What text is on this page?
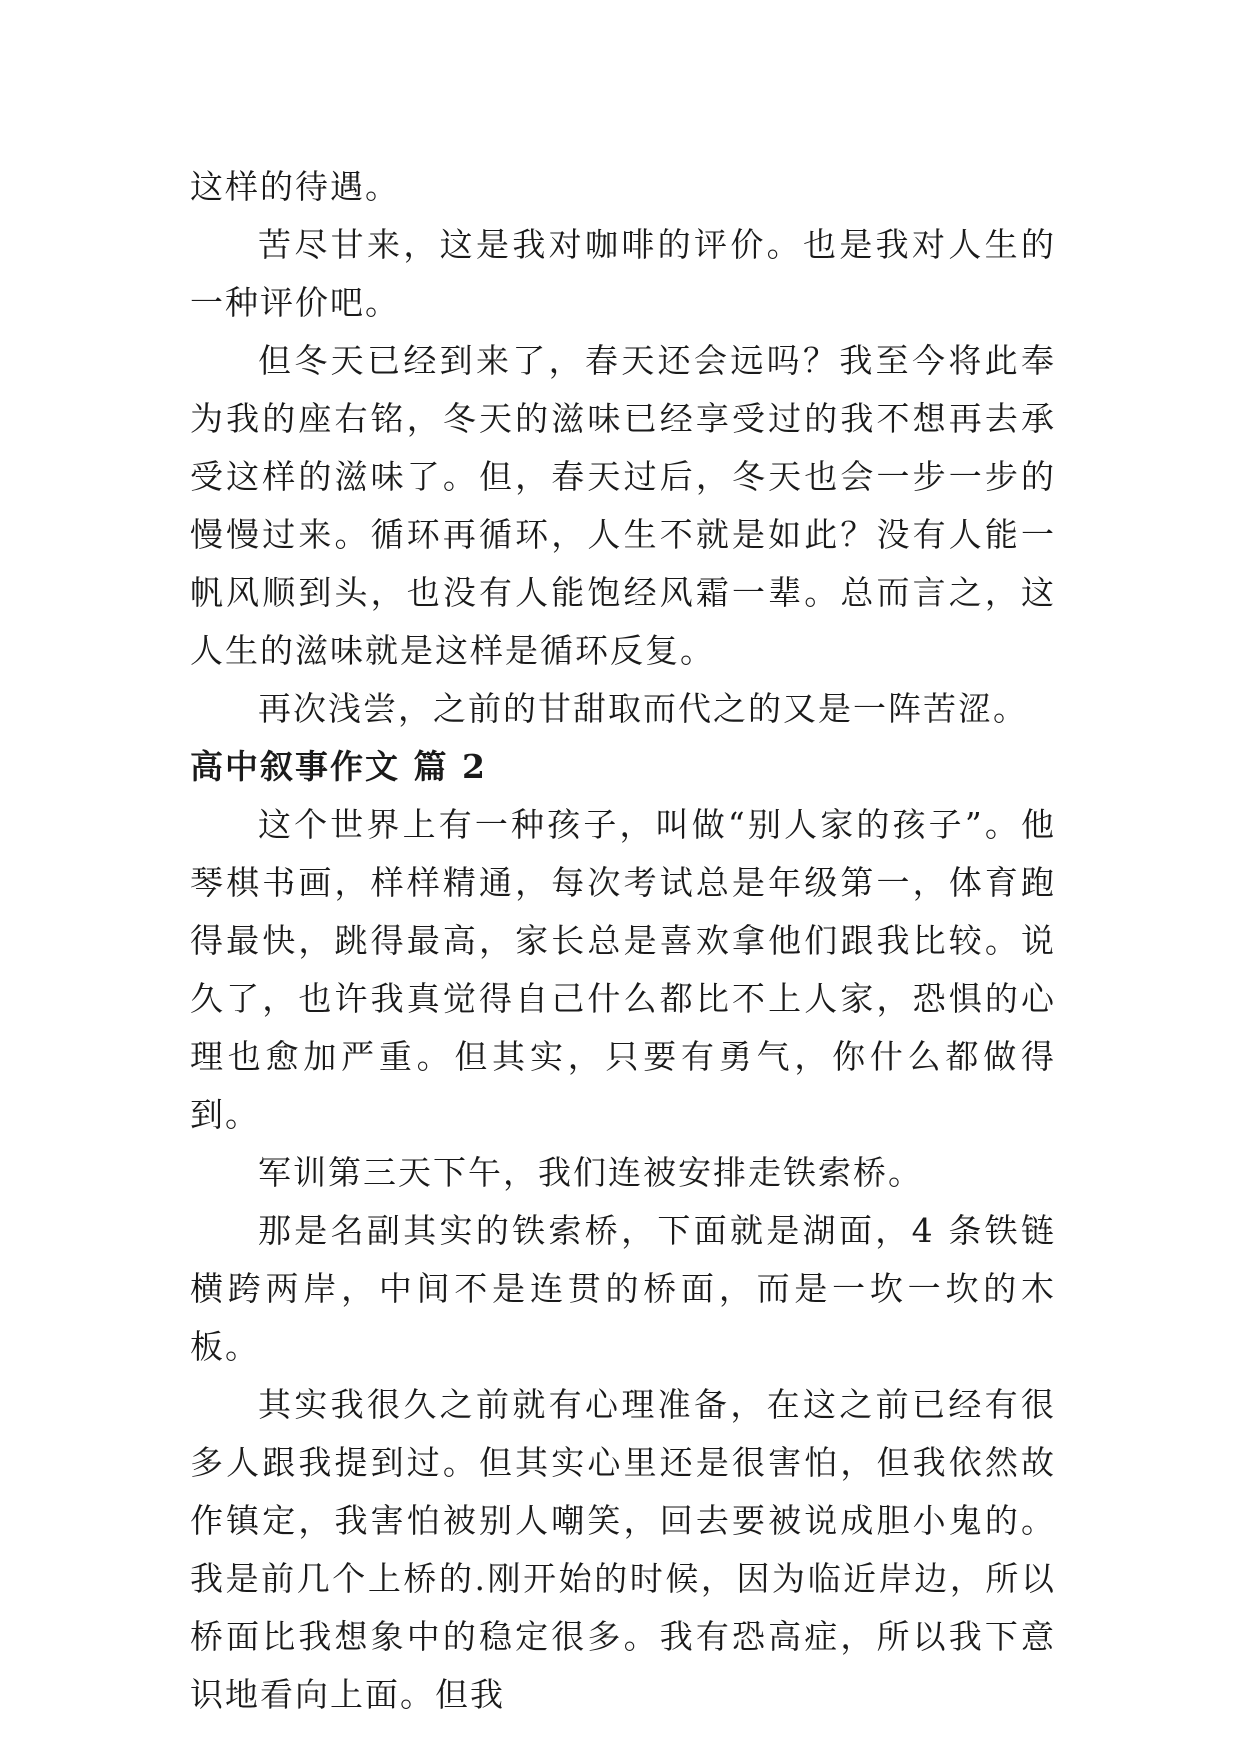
这样的待遇。

苦尽甘来，这是我对咖啡的评价。也是我对人生的一种评价吧。

但冬天已经到来了，春天还会远吗？我至今将此奉为我的座右铭，冬天的滋味已经享受过的我不想再去承受这样的滋味了。但，春天过后，冬天也会一步一步的慢慢过来。循环再循环，人生不就是如此？没有人能一帆风顺到头，也没有人能饱经风霜一辈。总而言之，这人生的滋味就是这样是循环反复。

再次浅尝，之前的甘甜取而代之的又是一阵苦涩。

高中叙事作文 篇 2

这个世界上有一种孩子，叫做“别人家的孩子”。他琴棋书画，样样精通，每次考试总是年级第一，体育跑得最快，跳得最高，家长总是喜欢拿他们跟我比较。说久了，也许我真觉得自己什么都比不上人家，恐惧的心理也愈加严重。但其实，只要有勇气，你什么都做得到。

军训第三天下午，我们连被安排走铁索桥。

那是名副其实的铁索桥，下面就是湖面，4 条铁链横跨两岸，中间不是连贯的桥面，而是一坎一坎的木板。

其实我很久之前就有心理准备，在这之前已经有很多人跟我提到过。但其实心里还是很害怕，但我依然故作镇定，我害怕被别人嘲笑，回去要被说成胆小鬼的。我是前几个上桥的.刚开始的时候，因为临近岸边，所以桥面比我想象中的稳定很多。我有恐高症，所以我下意识地看向上面。但我
